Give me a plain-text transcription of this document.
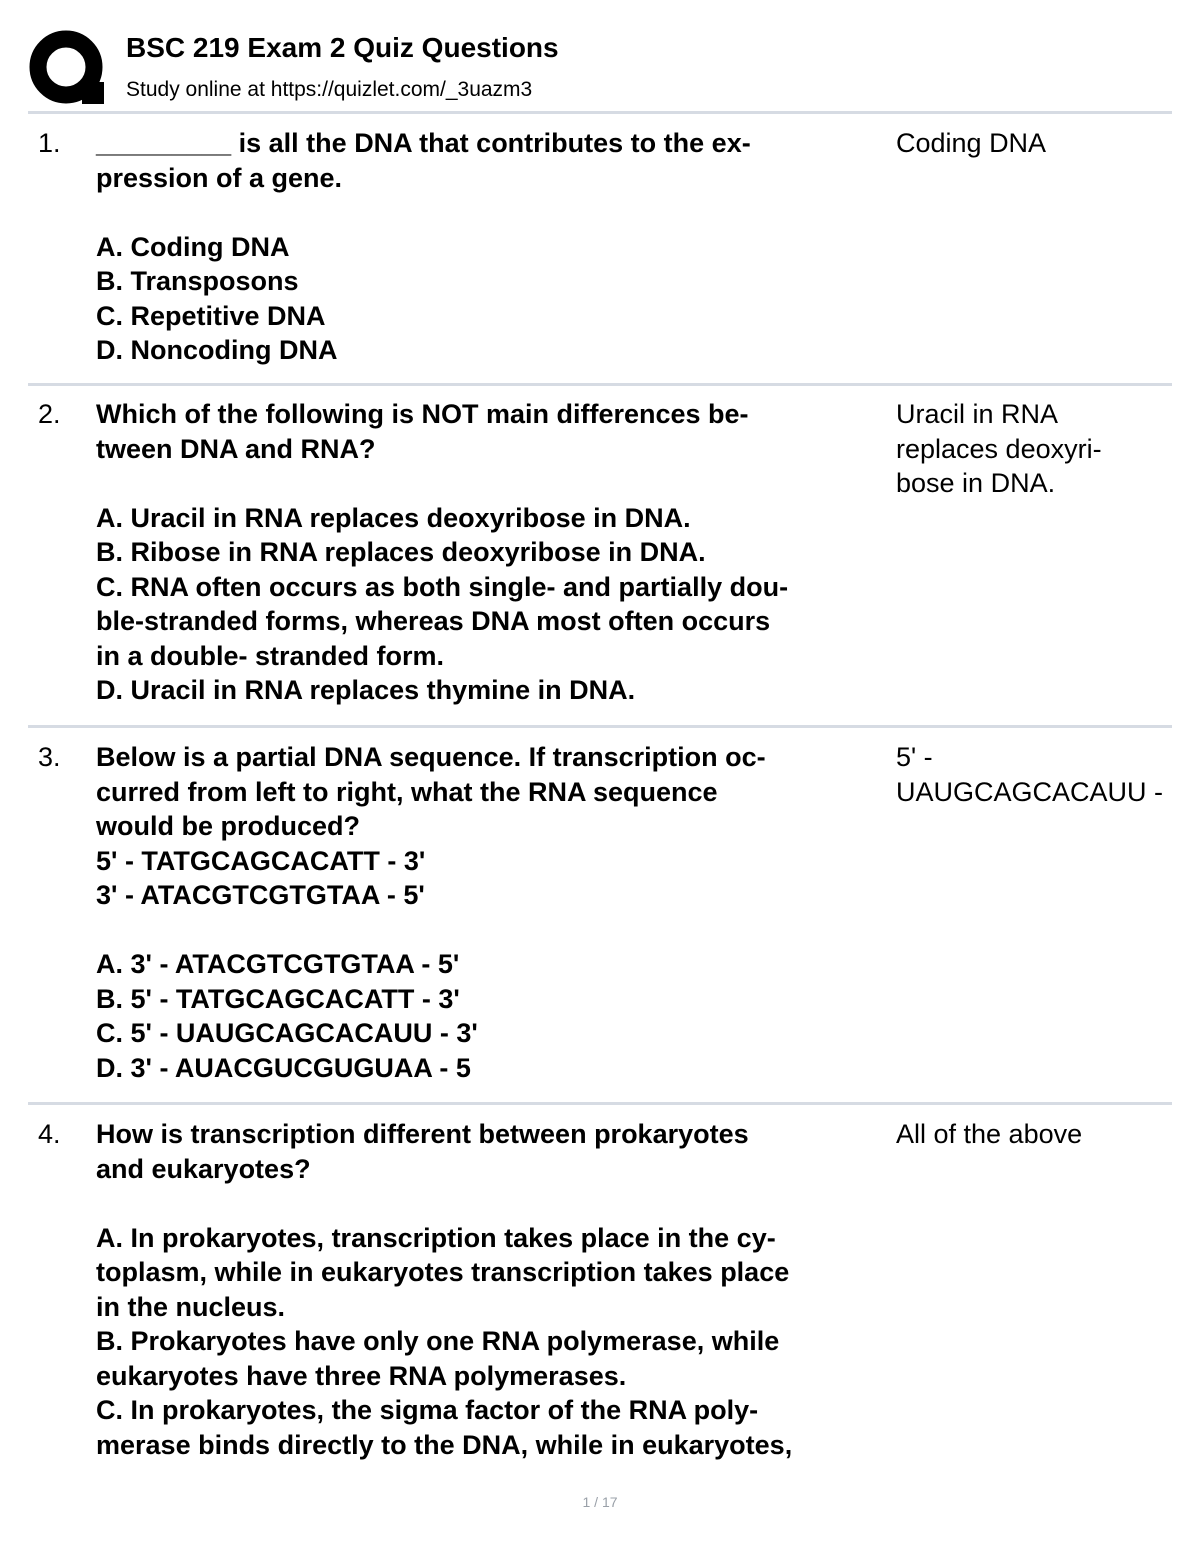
BSC 219 Exam 2 Quiz Questions
Study online at https://quizlet.com/_3uazm3
1. _________ is all the DNA that contributes to the ex-
pression of a gene.
A. Coding DNA
B. Transposons
C. Repetitive DNA
D. Noncoding DNA
Coding DNA
2. Which of the following is NOT main differences be-
tween DNA and RNA?
A. Uracil in RNA replaces deoxyribose in DNA.
B. Ribose in RNA replaces deoxyribose in DNA.
C. RNA often occurs as both single- and partially dou-
ble-stranded forms, whereas DNA most often occurs
in a double- stranded form.
D. Uracil in RNA replaces thymine in DNA.
Uracil in RNA
replaces deoxyri-
bose in DNA.
3. Below is a partial DNA sequence. If transcription oc-
curred from left to right, what the RNA sequence
would be produced?
5' - TATGCAGCACATT - 3'
3' - ATACGTCGTGTAA - 5'
A. 3' - ATACGTCGTGTAA - 5'
B. 5' - TATGCAGCACATT - 3'
C. 5' - UAUGCAGCACAUU - 3'
D. 3' - AUACGUCGUGUAA - 5
5' -
UAUGCAGCACAUU -
4. How is transcription different between prokaryotes
and eukaryotes?
A. In prokaryotes, transcription takes place in the cy-
toplasm, while in eukaryotes transcription takes place
in the nucleus.
B. Prokaryotes have only one RNA polymerase, while
eukaryotes have three RNA polymerases.
C. In prokaryotes, the sigma factor of the RNA poly-
merase binds directly to the DNA, while in eukaryotes,
All of the above
1 / 17
